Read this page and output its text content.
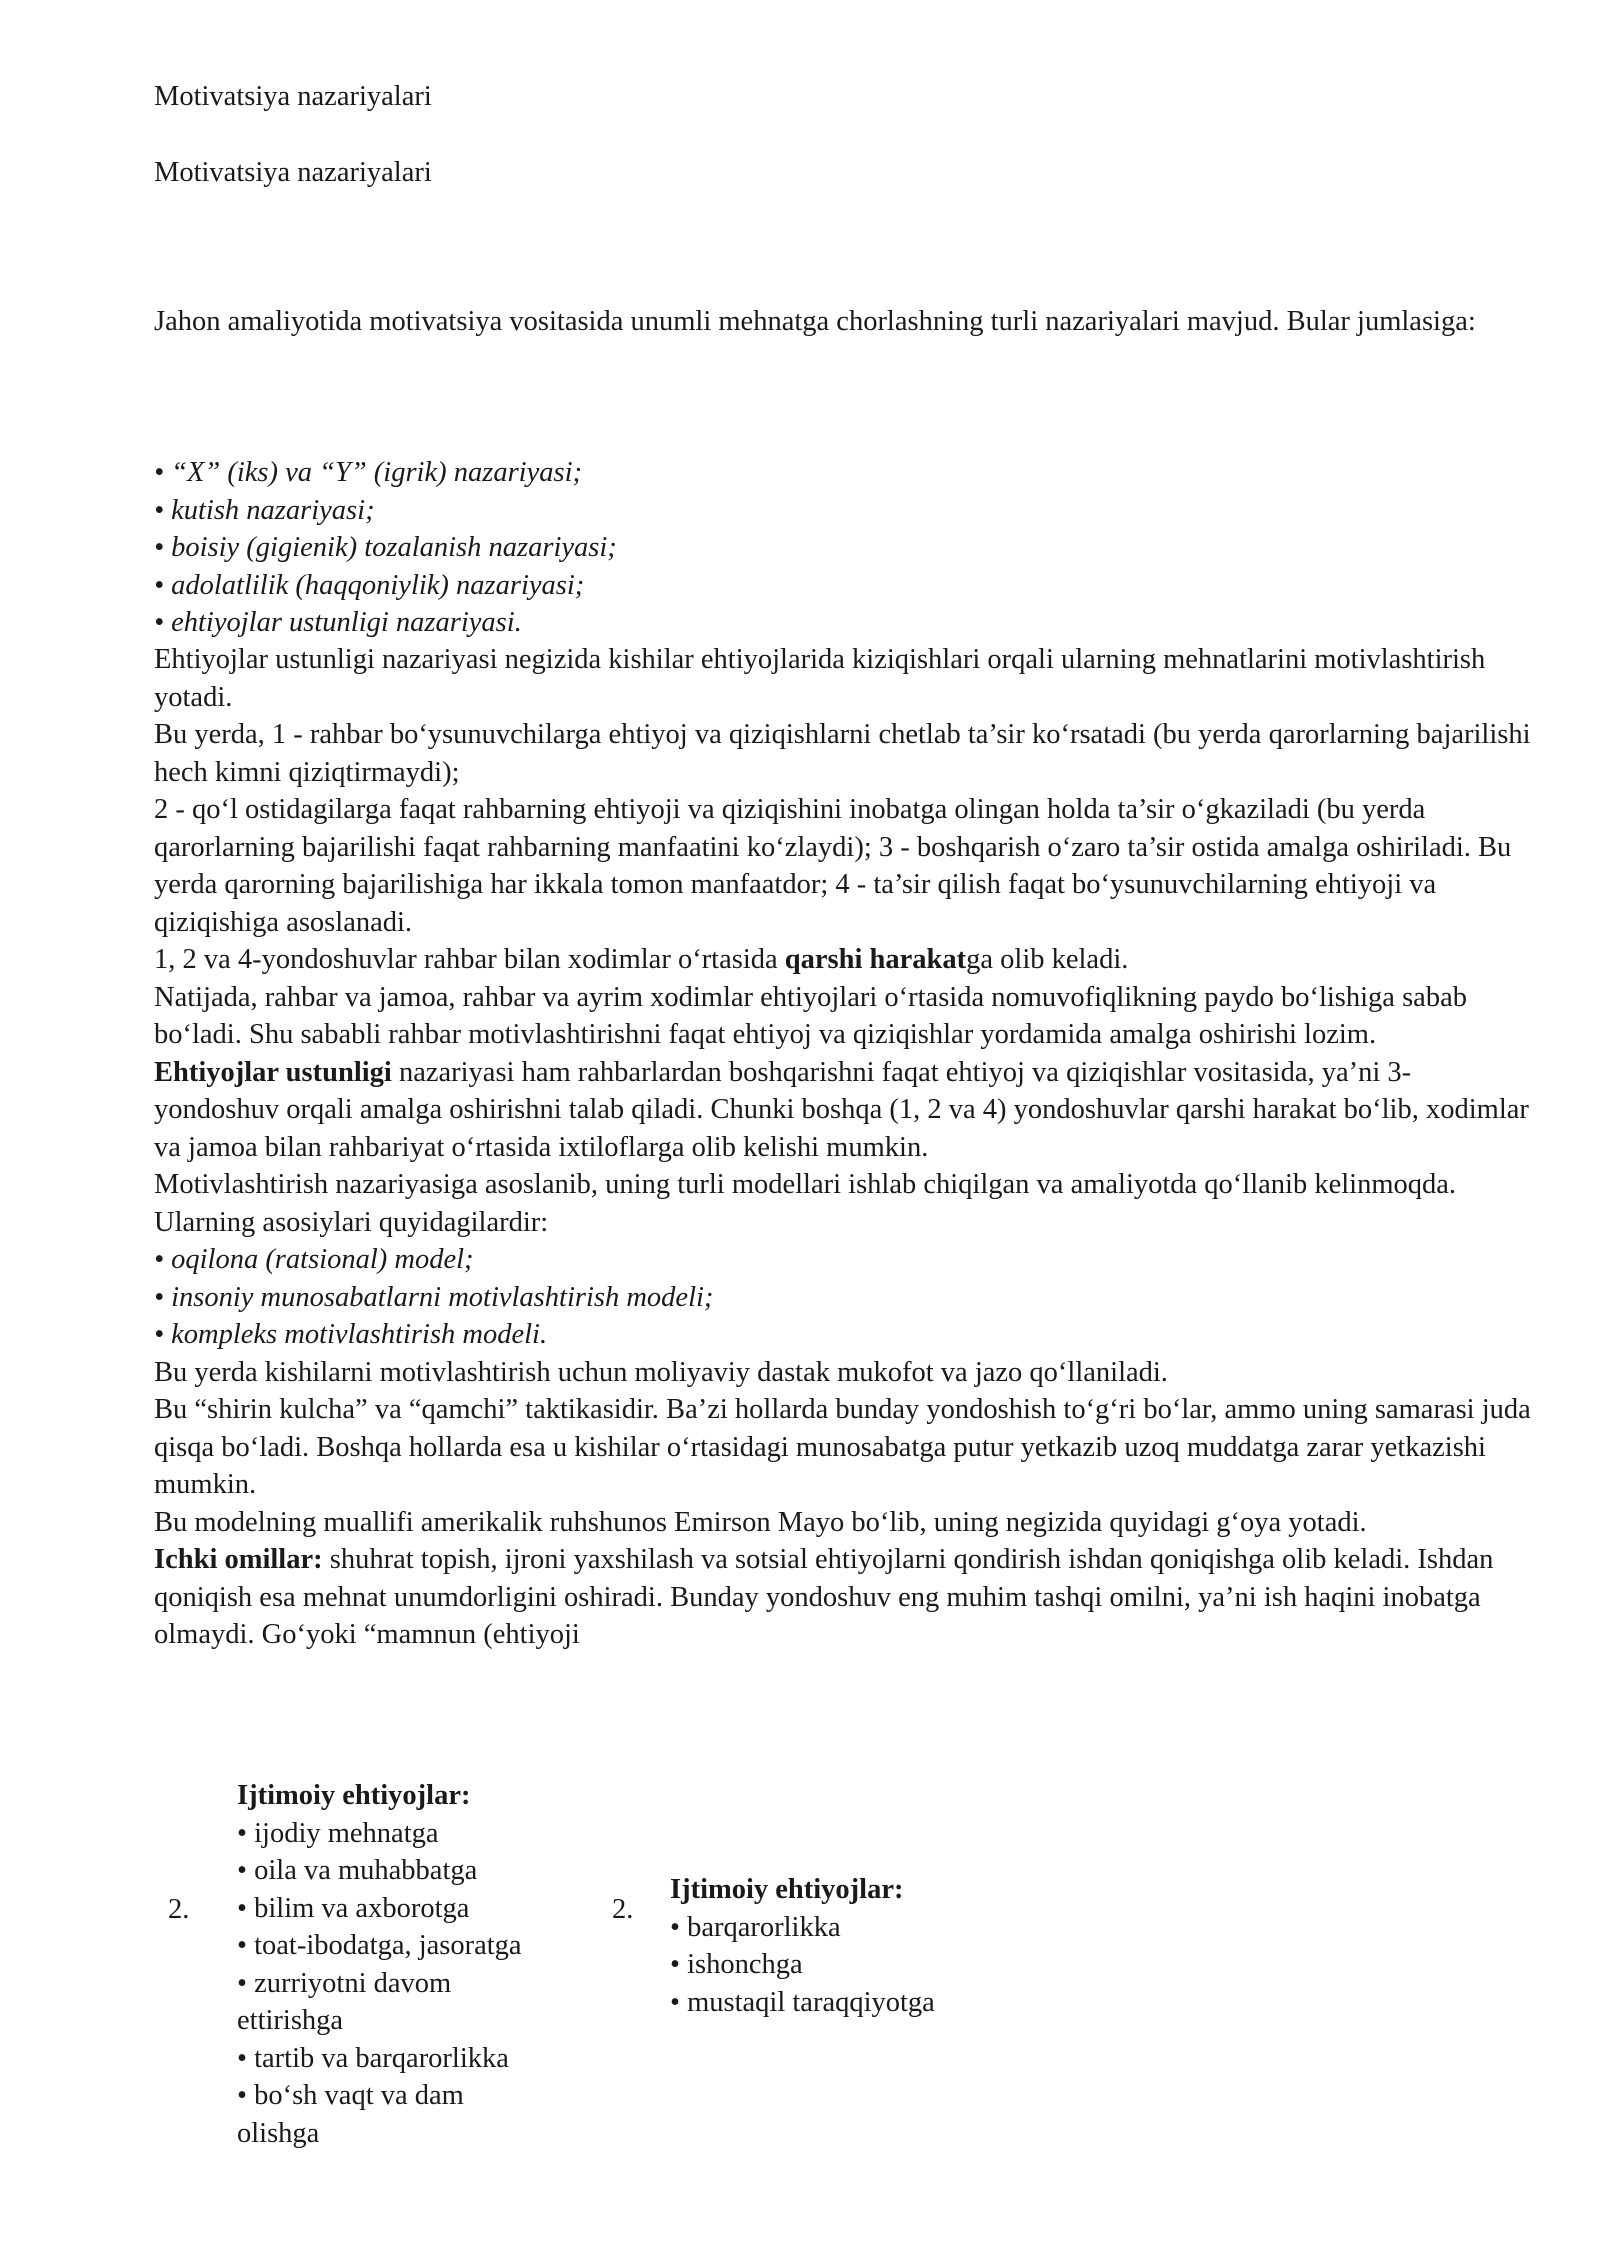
Motivatsiya nazariyalari

Motivatsiya nazariyalari

Jahon amaliyotida motivatsiya vositasida unumli mehnatga chorlashning turli nazariyalari mavjud. Bular jumlasiga:

• “X” (iks) va “Y” (igrik) nazariyasi;

• kutish nazariyasi;

• boisiy (gigienik) tozalanish nazariyasi;

• adolatlilik (haqqoniylik) nazariyasi;

• ehtiyojlar ustunligi nazariyasi.

Ehtiyojlar ustunligi nazariyasi negizida kishilar ehtiyojlarida kiziqishlari orqali ularning mehnatlarini motivlashtirish yotadi.

Bu yerda, 1 - rahbar bo‘ysunuvchilarga ehtiyoj va qiziqishlarni chetlab ta’sir ko‘rsatadi (bu yerda qarorlarning bajarilishi hech kimni qiziqtirmaydi);

2 - qo‘l ostidagilarga faqat rahbarning ehtiyoji va qiziqishini inobatga olingan holda ta’sir o‘gkaziladi (bu yerda qarorlarning bajarilishi faqat rahbarning manfaatini ko‘zlaydi); 3 - boshqarish o‘zaro ta’sir ostida amalga oshiriladi. Bu yerda qarorning bajarilishiga har ikkala tomon manfaatdor; 4 - ta’sir qilish faqat bo‘ysunuvchilarning ehtiyoji va qiziqishiga asoslanadi.

1, 2 va 4-yondoshuvlar rahbar bilan xodimlar o‘rtasida qarshi harakatga olib keladi.

Natijada, rahbar va jamoa, rahbar va ayrim xodimlar ehtiyojlari o‘rtasida nomuvofiqlikning paydo bo‘lishiga sabab bo‘ladi. Shu sababli rahbar motivlashtirishni faqat ehtiyoj va qiziqishlar yordamida amalga oshirishi lozim.

Ehtiyojlar ustunligi nazariyasi ham rahbarlardan boshqarishni faqat ehtiyoj va qiziqishlar vositasida, ya’ni 3-yondoshuv orqali amalga oshirishni talab qiladi. Chunki boshqa (1, 2 va 4) yondoshuvlar qarshi harakat bo‘lib, xodimlar va jamoa bilan rahbariyat o‘rtasida ixtiloflarga olib kelishi mumkin.

Motivlashtirish nazariyasiga asoslanib, uning turli modellari ishlab chiqilgan va amaliyotda qo‘llanib kelinmoqda. Ularning asosiylari quyidagilardir:

• oqilona (ratsional) model;

• insoniy munosabatlarni motivlashtirish modeli;

• kompleks motivlashtirish modeli.

Bu yerda kishilarni motivlashtirish uchun moliyaviy dastak mukofot va jazo qo‘llaniladi.

Bu “shirin kulcha” va “qamchi” taktikasidir. Ba’zi hollarda bunday yondoshish to‘g‘ri bo‘lar, ammo uning samarasi juda qisqa bo‘ladi. Boshqa hollarda esa u kishilar o‘rtasidagi munosabatga putur yetkazib uzoq muddatga zarar yetkazishi mumkin.

Bu modelning muallifi amerikalik ruhshunos Emirson Mayo bo‘lib, uning negizida quyidagi g‘oya yotadi.

Ichki omillar: shuhrat topish, ijroni yaxshilash va sotsial ehtiyojlarni qondirish ishdan qoniqishga olib keladi. Ishdan qoniqish esa mehnat unumdorligini oshiradi. Bunday yondoshuv eng muhim tashqi omilni, ya’ni ish haqini inobatga olmaydi. Go‘yoki “mamnun (ehtiyoji

2.

Ijtimoiy ehtiyojlar:

• ijodiy mehnatga

• oila va muhabbatga

• bilim va axborotga

• toat-ibodatga, jasoratga

• zurriyotni davom ettirishga

• tartib va barqarorlikka

• bo‘sh vaqt va dam olishga

2.

Ijtimoiy ehtiyojlar:

• barqarorlikka

• ishonchga

• mustaqil taraqqiyotga
